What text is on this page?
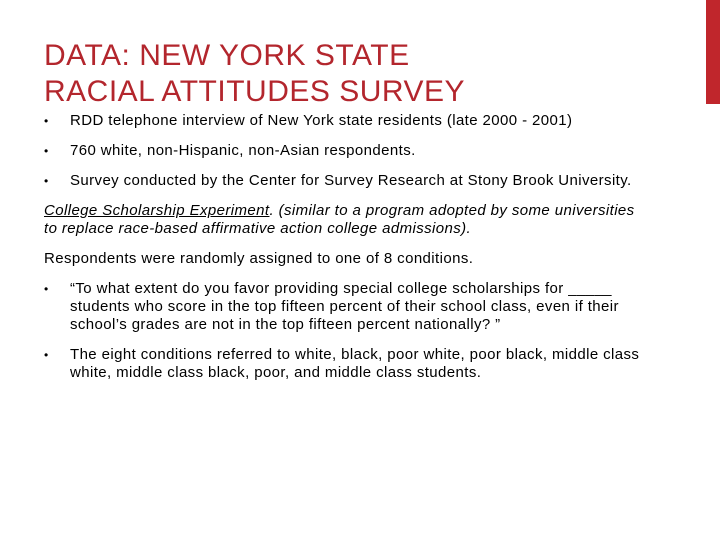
DATA: NEW YORK STATE
RACIAL ATTITUDES SURVEY
• RDD telephone interview of New York state residents (late 2000 - 2001)
• 760 white, non-Hispanic, non-Asian respondents.
• Survey conducted by the Center for Survey Research at Stony Brook University.

College Scholarship Experiment. (similar to a program adopted by some universities to replace race-based affirmative action college admissions).

Respondents were randomly assigned to one of 8 conditions.

• “To what extent do you favor providing special college scholarships for _____ students who score in the top fifteen percent of their school class, even if their school’s grades are not in the top fifteen percent nationally? ”
• The eight conditions referred to white, black, poor white, poor black, middle class white, middle class black, poor, and middle class students.
